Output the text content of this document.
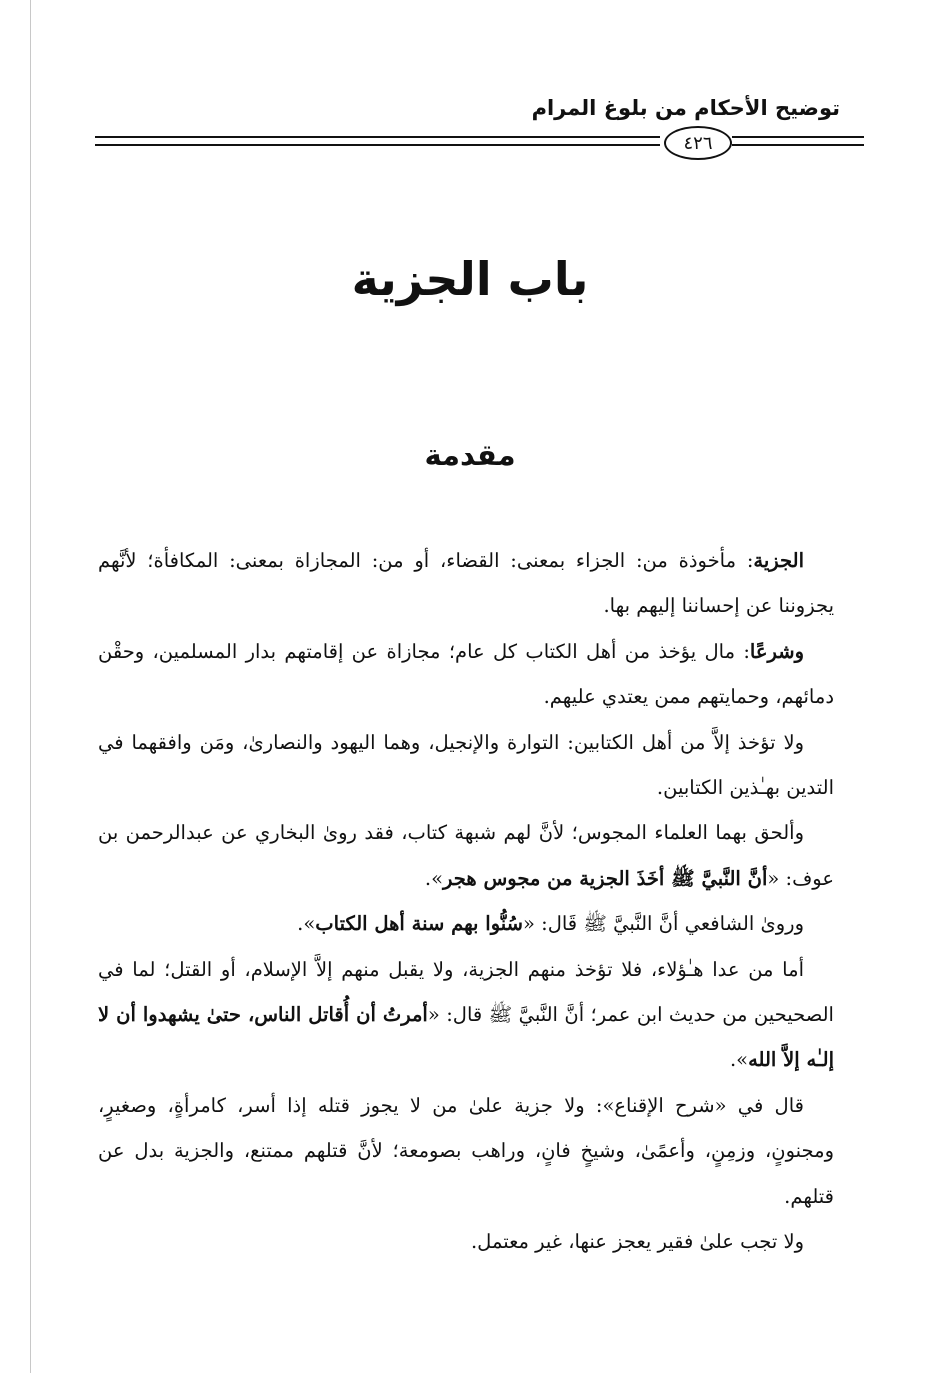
توضيح الأحكام من بلوغ المرام
٤٢٦
باب الجزية
مقدمة

الجزية: مأخوذة من: الجزاء بمعنى: القضاء، أو من: المجازاة بمعنى: المكافأة؛ لأنَّهم يجزوننا عن إحساننا إليهم بها.

وشرعًا: مال يؤخذ من أهل الكتاب كل عام؛ مجازاة عن إقامتهم بدار المسلمين، وحقْن دمائهم، وحمايتهم ممن يعتدي عليهم.

ولا تؤخذ إلاَّ من أهل الكتابين: التوارة والإنجيل، وهما اليهود والنصارىٰ، ومَن وافقهما في التدين بهـٰذين الكتابين.

وألحق بهما العلماء المجوس؛ لأنَّ لهم شبهة كتاب، فقد روىٰ البخاري عن عبدالرحمن بن عوف: «أنَّ النَّبيَّ ﷺ أخَذَ الجزية من مجوس هجر».

وروىٰ الشافعي أنَّ النَّبيَّ ﷺ قَال: «سُنُّوا بهم سنة أهل الكتاب».

أما من عدا هـٰؤلاء، فلا تؤخذ منهم الجزية، ولا يقبل منهم إلاَّ الإسلام، أو القتل؛ لما في الصحيحين من حديث ابن عمر؛ أنَّ النَّبيَّ ﷺ قال: «أمرتُ أن أُقاتل الناس، حتىٰ يشهدوا أن لا إلـٰه إلاَّ الله».

قال في «شرح الإقناع»: ولا جزية علىٰ من لا يجوز قتله إذا أسر، كامرأةٍ، وصغيرٍ، ومجنونٍ، وزمِنٍ، وأعمًىٰ، وشيخٍ فانٍ، وراهب بصومعة؛ لأنَّ قتلهم ممتنع، والجزية بدل عن قتلهم.

ولا تجب علىٰ فقير يعجز عنها، غير معتمل.
